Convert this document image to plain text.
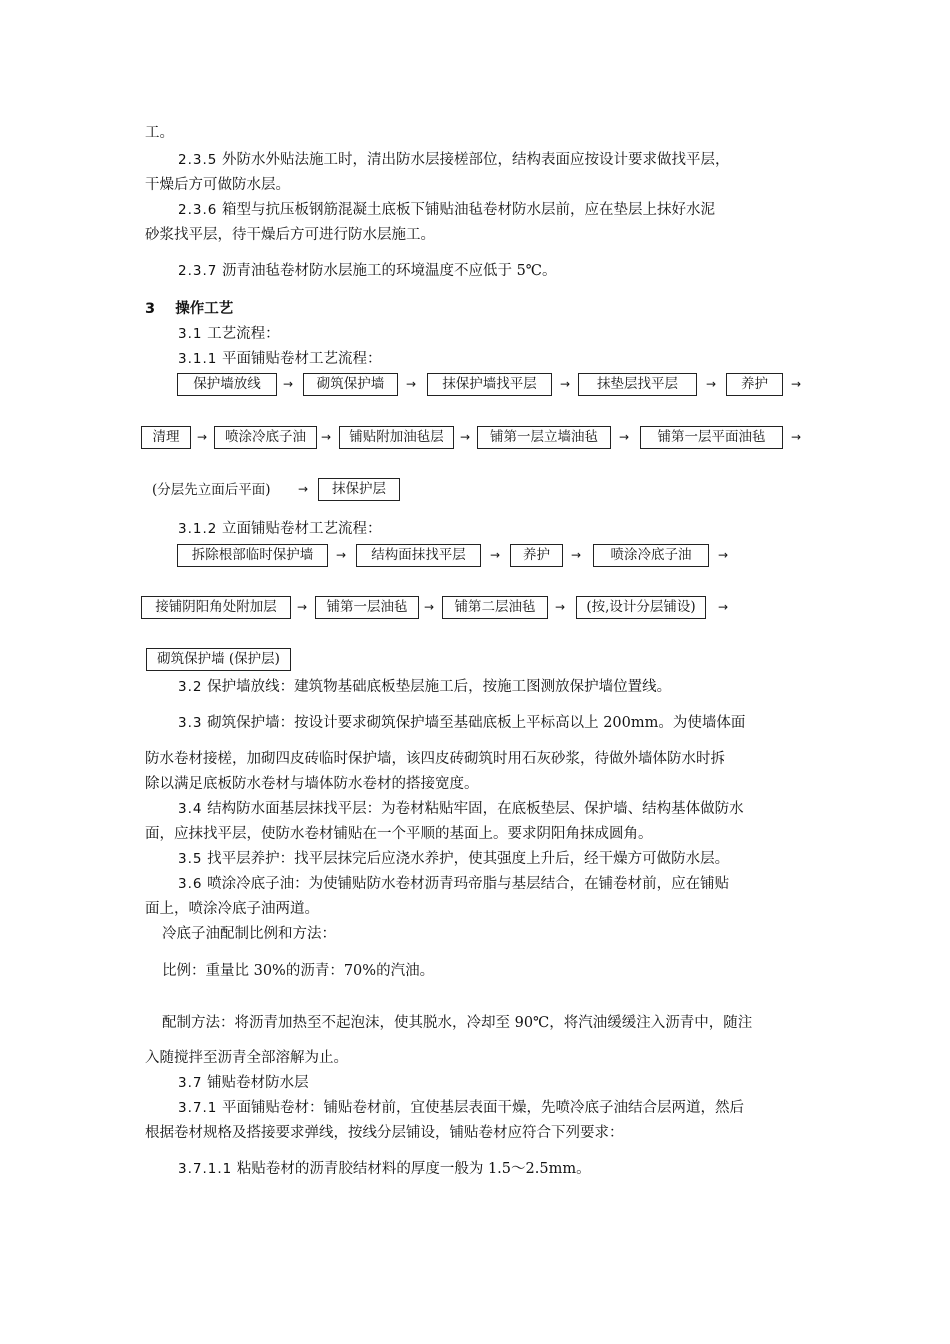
工。
2.3.5 外防水外贴法施工时，清出防水层接槎部位，结构表面应按设计要求做找平层，
干燥后方可做防水层。
2.3.6 箱型与抗压板钢筋混凝土底板下铺贴油毡卷材防水层前，应在垫层上抹好水泥
砂浆找平层，待干燥后方可进行防水层施工。
2.3.7 沥青油毡卷材防水层施工的环境温度不应低于 5℃。
3 操作工艺
3.1 工艺流程：
3.1.1 平面铺贴卷材工艺流程：
保护墙放线	→	砌筑保护墙	→	抹保护墙找平层	→	抹垫层找平层	→	养护	→
清理	→	喷涂冷底子油	→	铺贴附加油毡层	→	铺第一层立墙油毡	→	铺第一层平面油毡	→
(分层先立面后平面) →	抹保护层
3.1.2 立面铺贴卷材工艺流程：
拆除根部临时保护墙	→	结构面抹找平层	→	养护	→	喷涂冷底子油	→
接铺阴阳角处附加层	→	铺第一层油毡	→	铺第二层油毡	→	(按,设计分层铺设)	→
砌筑保护墙 (保护层)
3.2 保护墙放线：建筑物基础底板垫层施工后，按施工图测放保护墙位置线。
3.3 砌筑保护墙：按设计要求砌筑保护墙至基础底板上平标高以上 200mm。为使墙体面
防水卷材接槎，加砌四皮砖临时保护墙，该四皮砖砌筑时用石灰砂浆，待做外墙体防水时拆
除以满足底板防水卷材与墙体防水卷材的搭接宽度。
3.4 结构防水面基层抹找平层：为卷材粘贴牢固，在底板垫层、保护墙、结构基体做防水
面，应抹找平层，使防水卷材铺贴在一个平顺的基面上。要求阴阳角抹成圆角。
3.5 找平层养护：找平层抹完后应浇水养护，使其强度上升后，经干燥方可做防水层。
3.6 喷涂冷底子油：为使铺贴防水卷材沥青玛帝脂与基层结合，在铺卷材前，应在铺贴
面上，喷涂冷底子油两道。
冷底子油配制比例和方法：
比例：重量比 30%的沥青：70%的汽油。
配制方法：将沥青加热至不起泡沫，使其脱水，冷却至 90℃，将汽油缓缓注入沥青中，随注
入随搅拌至沥青全部溶解为止。
3.7 铺贴卷材防水层
3.7.1 平面铺贴卷材：铺贴卷材前，宜使基层表面干燥，先喷冷底子油结合层两道，然后
根据卷材规格及搭接要求弹线，按线分层铺设，铺贴卷材应符合下列要求：
3.7.1.1 粘贴卷材的沥青胶结材料的厚度一般为 1.5～2.5mm。
